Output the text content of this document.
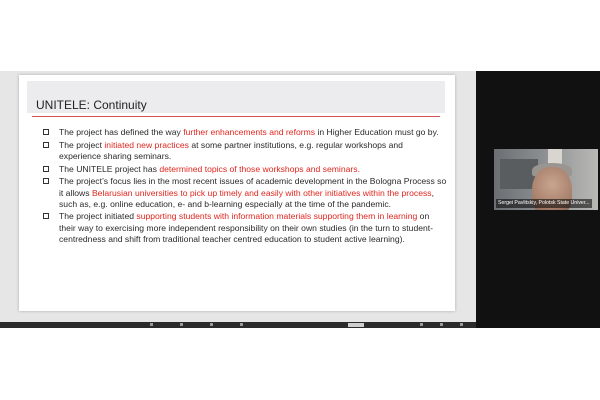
UNITELE: Continuity
The project has defined the way further enhancements and reforms in Higher Education must go by.
The project initiated new practices at some partner institutions, e.g. regular workshops and experience sharing seminars.
The UNITELE project has determined topics of those workshops and seminars.
The project’s focus lies in the most recent issues of academic development in the Bologna Process so it allows Belarusian universities to pick up timely and easily with other initiatives within the process, such as, e.g. online education, e- and b-learning especially at the time of the pandemic.
The project initiated supporting students with information materials supporting them in learning on their way to exercising more independent responsibility on their own studies (in the turn to student-centredness and shift from traditional teacher centred education to student active learning).
Sergei Pavlitskiy, Polotsk State Univer...
